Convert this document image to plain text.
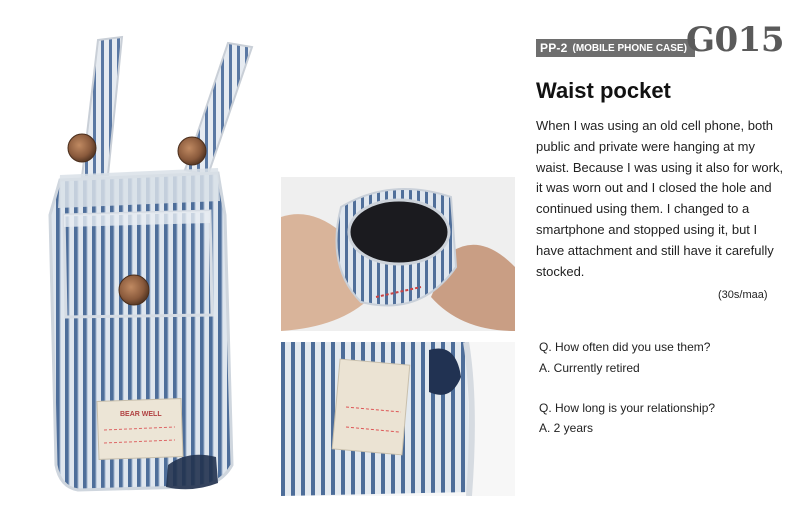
BEAR WELL
PP-2 (MOBILE PHONE CASE) G015
Waist pocket

When I was using an old cell phone, both public and private were hanging at my waist. Because I was using it also for work, it was worn out and I closed the hole and continued using them. I changed to a smartphone and stopped using it, but I have attachment and still have it carefully stocked.

(30s/maa)
Q. How often did you use them?
A. Currently retired
Q. How long is your relationship?
A. 2 years
